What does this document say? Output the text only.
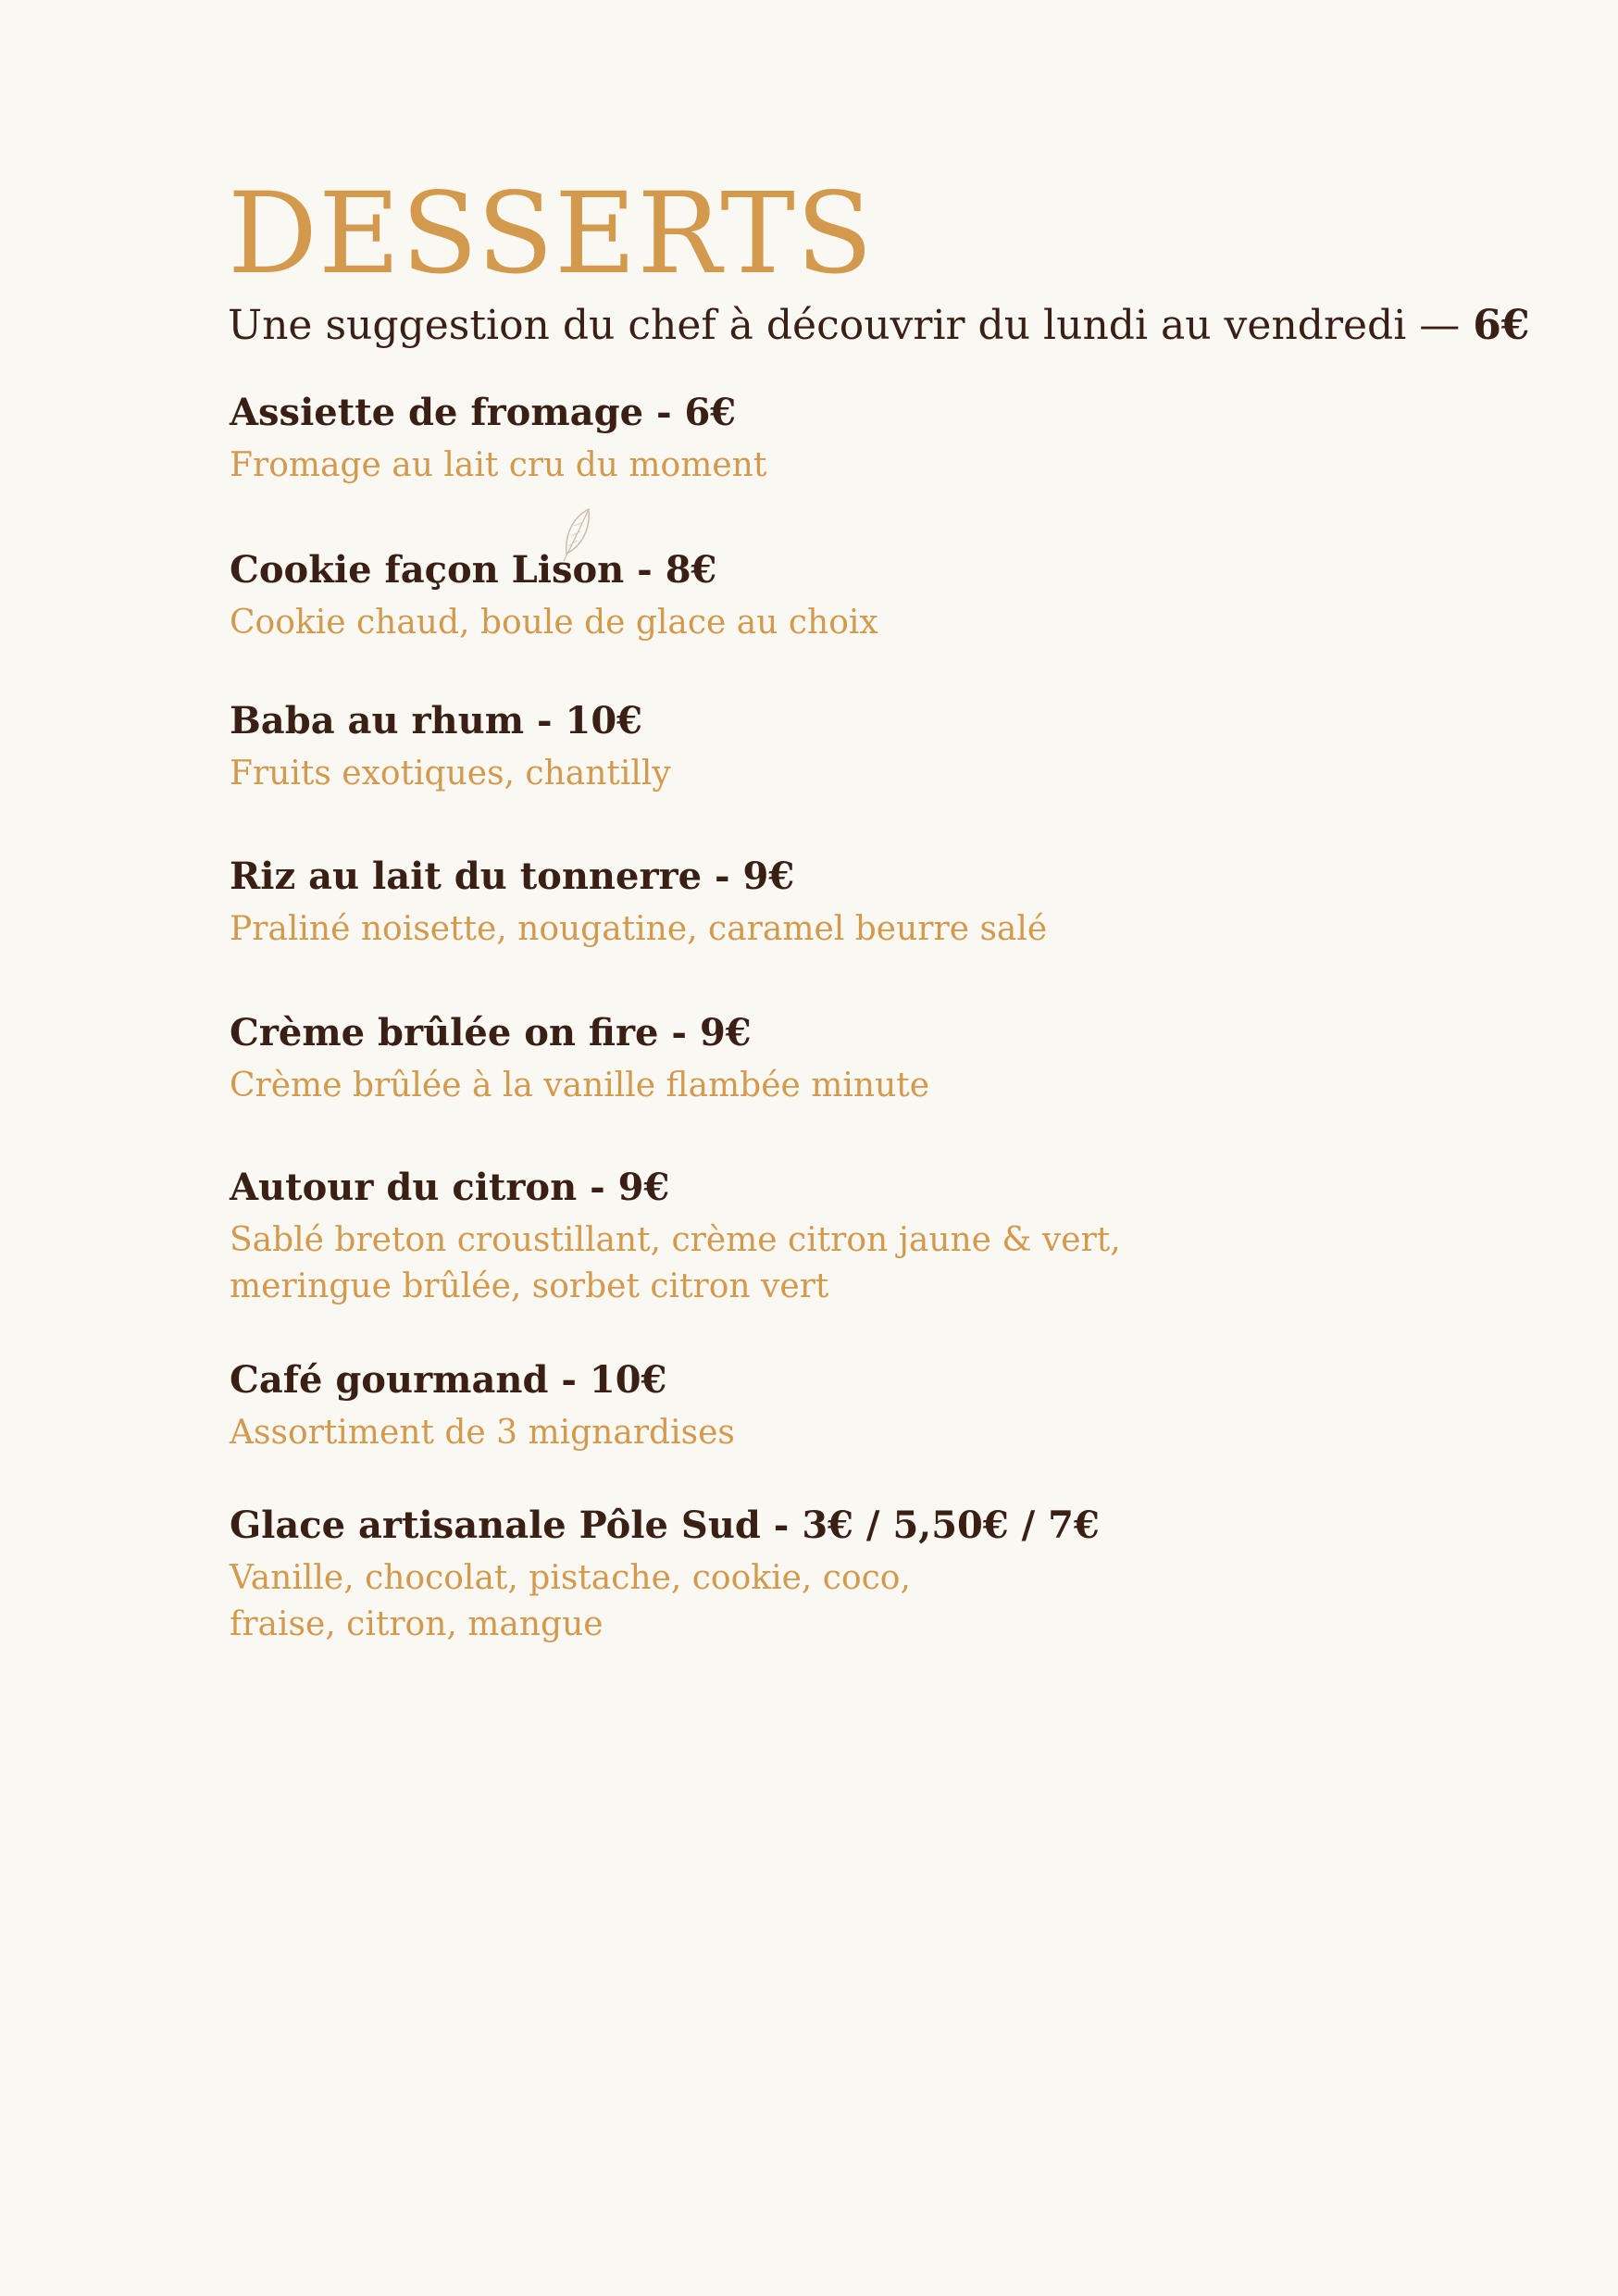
DESSERTS

Une suggestion du chef à découvrir du lundi au vendredi — 6€

Assiette de fromage - 6€
Fromage au lait cru du moment
Cookie façon Lison - 8€
Cookie chaud, boule de glace au choix
Baba au rhum - 10€
Fruits exotiques, chantilly
Riz au lait du tonnerre - 9€
Praliné noisette, nougatine, caramel beurre salé
Crème brûlée on fire - 9€
Crème brûlée à la vanille flambée minute
Autour du citron - 9€
Sablé breton croustillant, crème citron jaune & vert,
meringue brûlée, sorbet citron vert
Café gourmand - 10€
Assortiment de 3 mignardises
Glace artisanale Pôle Sud - 3€ / 5,50€ / 7€
Vanille, chocolat, pistache, cookie, coco,
fraise, citron, mangue
